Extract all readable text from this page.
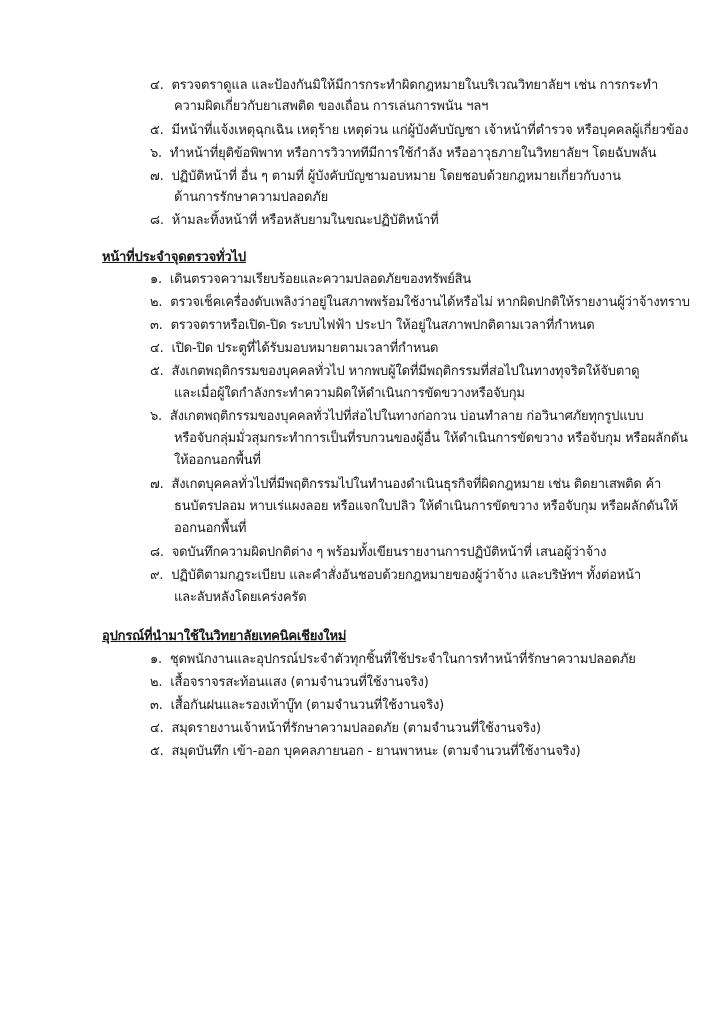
๔. ตรวจตราดูแล และป้องกันมิให้มีการกระทำผิดกฎหมายในบริเวณวิทยาลัยฯ เช่น การกระทำ
ความผิดเกี่ยวกับยาเสพติด ของเถื่อน การเล่นการพนัน ฯลฯ
๕. มีหน้าที่แจ้งเหตุฉุกเฉิน เหตุร้าย เหตุด่วน แก่ผู้บังคับบัญชา เจ้าหน้าที่ตำรวจ หรือบุคคลผู้เกี่ยวข้อง
๖. ทำหน้าที่ยุติข้อพิพาท หรือการวิวาททีมีการใช้กำลัง หรืออาวุธภายในวิทยาลัยฯ โดยฉับพลัน
๗. ปฏิบัติหน้าที่ อื่น ๆ ตามที่ ผู้บังคับบัญชามอบหมาย โดยชอบด้วยกฎหมายเกี่ยวกับงาน
ด้านการรักษาความปลอดภัย
๘. ห้ามละทิ้งหน้าที่ หรือหลับยามในขณะปฏิบัติหน้าที่
หน้าที่ประจำจุดตรวจทั่วไป
๑. เดินตรวจความเรียบร้อยและความปลอดภัยของทรัพย์สิน
๒. ตรวจเช็คเครื่องดับเพลิงว่าอยู่ในสภาพพร้อมใช้งานได้หรือไม่ หากผิดปกติให้รายงานผู้ว่าจ้างทราบ
๓. ตรวจตราหรือเปิด-ปิด ระบบไฟฟ้า ประปา ให้อยู่ในสภาพปกติตามเวลาที่กำหนด
๔. เปิด-ปิด ประตูที่ได้รับมอบหมายตามเวลาที่กำหนด
๕. สังเกตพฤติกรรมของบุคคลทั่วไป หากพบผู้ใดที่มีพฤติกรรมที่ส่อไปในทางทุจริตให้จับตาดู
และเมื่อผู้ใดกำลังกระทำความผิดให้ดำเนินการขัดขวางหรือจับกุม
๖. สังเกตพฤติกรรมของบุคคลทั่วไปที่ส่อไปในทางก่อกวน บ่อนทำลาย ก่อวินาศภัยทุกรูปแบบ
หรือจับกลุ่มมั่วสุมกระทำการเป็นที่รบกวนของผู้อื่น ให้ดำเนินการขัดขวาง หรือจับกุม หรือผลักดัน
ให้ออกนอกพื้นที่
๗. สังเกตบุคคลทั่วไปที่มีพฤติกรรมไปในทำนองดำเนินธุรกิจที่ผิดกฎหมาย เช่น ติดยาเสพติด ค้า
ธนบัตรปลอม หาบเร่แผงลอย หรือแจกใบปลิว ให้ดำเนินการขัดขวาง หรือจับกุม หรือผลักดันให้
ออกนอกพื้นที่
๘. จดบันทึกความผิดปกติต่าง ๆ พร้อมทั้งเขียนรายงานการปฏิบัติหน้าที่ เสนอผู้ว่าจ้าง
๙. ปฏิบัติตามกฎระเบียบ และคำสั่งอันชอบด้วยกฎหมายของผู้ว่าจ้าง และบริษัทฯ ทั้งต่อหน้า
และลับหลังโดยเคร่งครัด
อุปกรณ์ที่นำมาใช้ในวิทยาลัยเทคนิคเชียงใหม่
๑. ชุดพนักงานและอุปกรณ์ประจำตัวทุกชิ้นที่ใช้ประจำในการทำหน้าที่รักษาความปลอดภัย
๒. เสื้อจราจรสะท้อนแสง (ตามจำนวนที่ใช้งานจริง)
๓. เสื้อกันฝนและรองเท้าบู๊ท (ตามจำนวนที่ใช้งานจริง)
๔. สมุดรายงานเจ้าหน้าที่รักษาความปลอดภัย (ตามจำนวนที่ใช้งานจริง)
๕. สมุดบันทึก เข้า-ออก บุคคลภายนอก - ยานพาหนะ (ตามจำนวนที่ใช้งานจริง)
